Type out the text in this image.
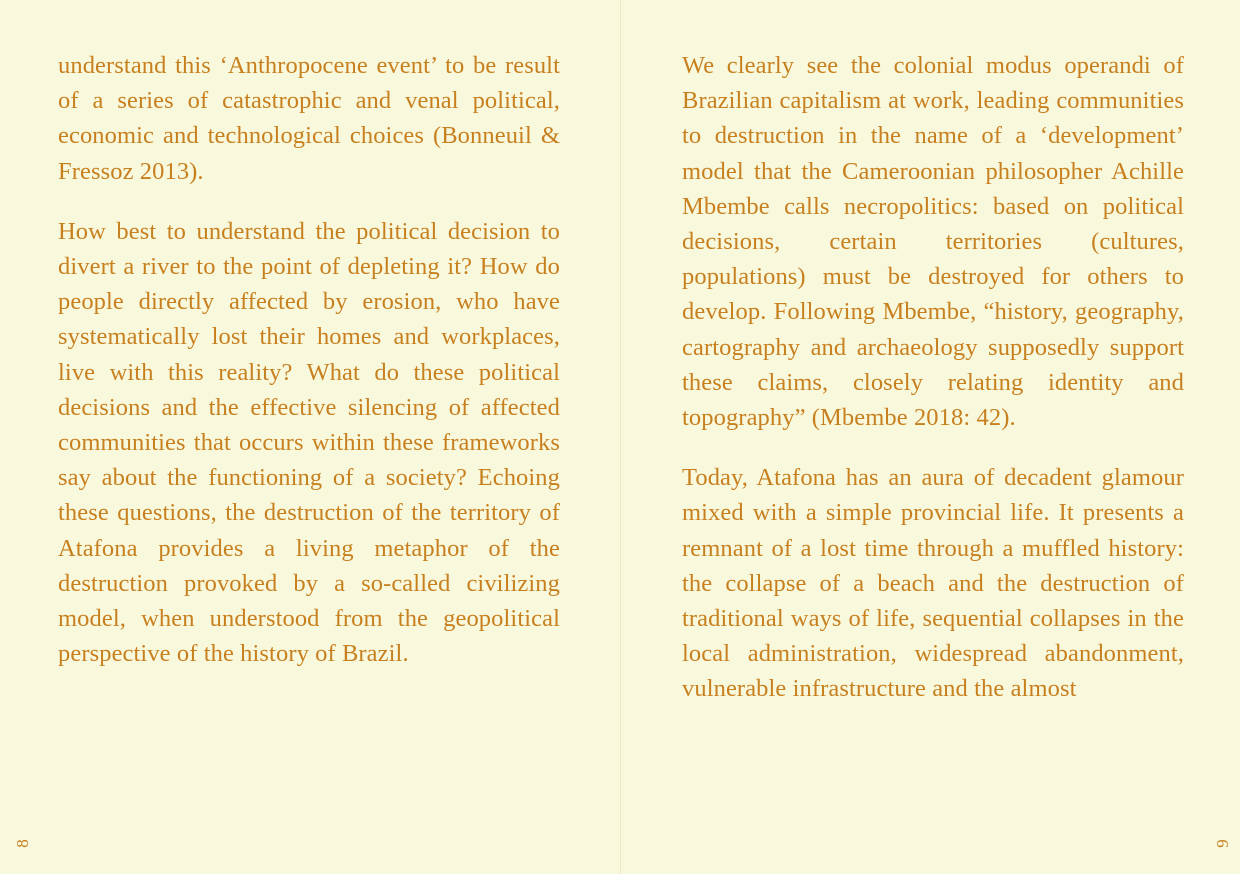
understand this ‘Anthropocene event’ to be result of a series of catastrophic and venal political, economic and technological choices (Bonneuil & Fressoz 2013).

How best to understand the political decision to divert a river to the point of depleting it? How do people directly affected by erosion, who have systematically lost their homes and workplaces, live with this reality? What do these political decisions and the effective silencing of affected communities that occurs within these frameworks say about the functioning of a society? Echoing these questions, the destruction of the territory of Atafona provides a living metaphor of the destruction provoked by a so-called civilizing model, when understood from the geopolitical perspective of the history of Brazil.

8

We clearly see the colonial modus operandi of Brazilian capitalism at work, leading communities to destruction in the name of a ‘development’ model that the Cameroonian philosopher Achille Mbembe calls necropolitics: based on political decisions, certain territories (cultures, populations) must be destroyed for others to develop. Following Mbembe, “history, geography, cartography and archaeology supposedly support these claims, closely relating identity and topography” (Mbembe 2018: 42).

Today, Atafona has an aura of decadent glamour mixed with a simple provincial life. It presents a remnant of a lost time through a muffled history: the collapse of a beach and the destruction of traditional ways of life, sequential collapses in the local administration, widespread abandonment, vulnerable infrastructure and the almost

9
